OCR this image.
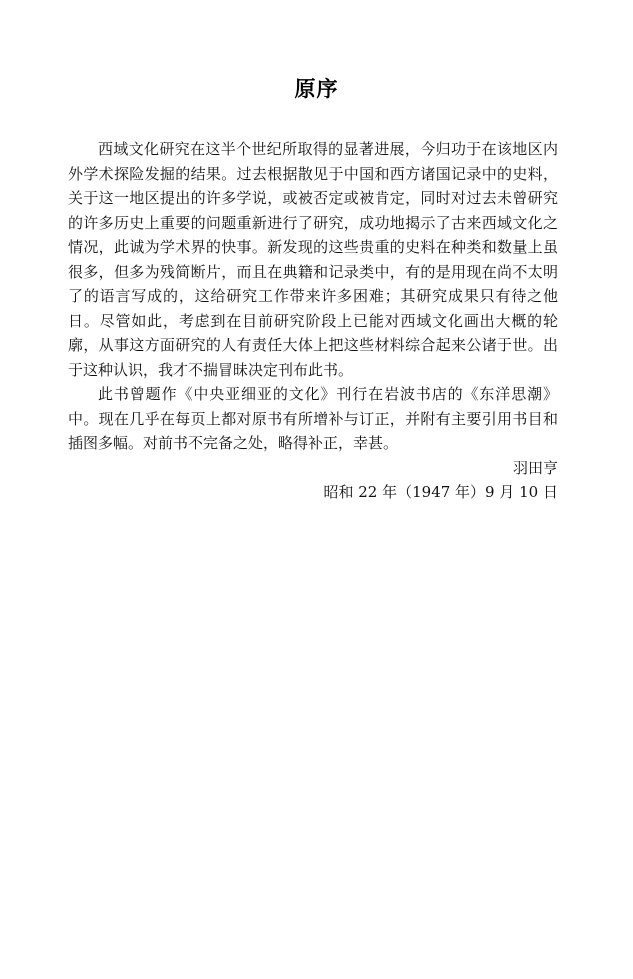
原序

西域文化研究在这半个世纪所取得的显著进展，今归功于在该地区内外学术探险发掘的结果。过去根据散见于中国和西方诸国记录中的史料，关于这一地区提出的许多学说，或被否定或被肯定，同时对过去未曾研究的许多历史上重要的问题重新进行了研究，成功地揭示了古来西域文化之情况，此诚为学术界的快事。新发现的这些贵重的史料在种类和数量上虽很多，但多为残简断片，而且在典籍和记录类中，有的是用现在尚不太明了的语言写成的，这给研究工作带来许多困难；其研究成果只有待之他日。尽管如此，考虑到在目前研究阶段上已能对西域文化画出大概的轮廓，从事这方面研究的人有责任大体上把这些材料综合起来公诸于世。出于这种认识，我才不揣冒昧决定刊布此书。

此书曾题作《中央亚细亚的文化》刊行在岩波书店的《东洋思潮》中。现在几乎在每页上都对原书有所增补与订正，并附有主要引用书目和插图多幅。对前书不完备之处，略得补正，幸甚。

羽田亨

昭和 22 年（1947 年）9 月 10 日
